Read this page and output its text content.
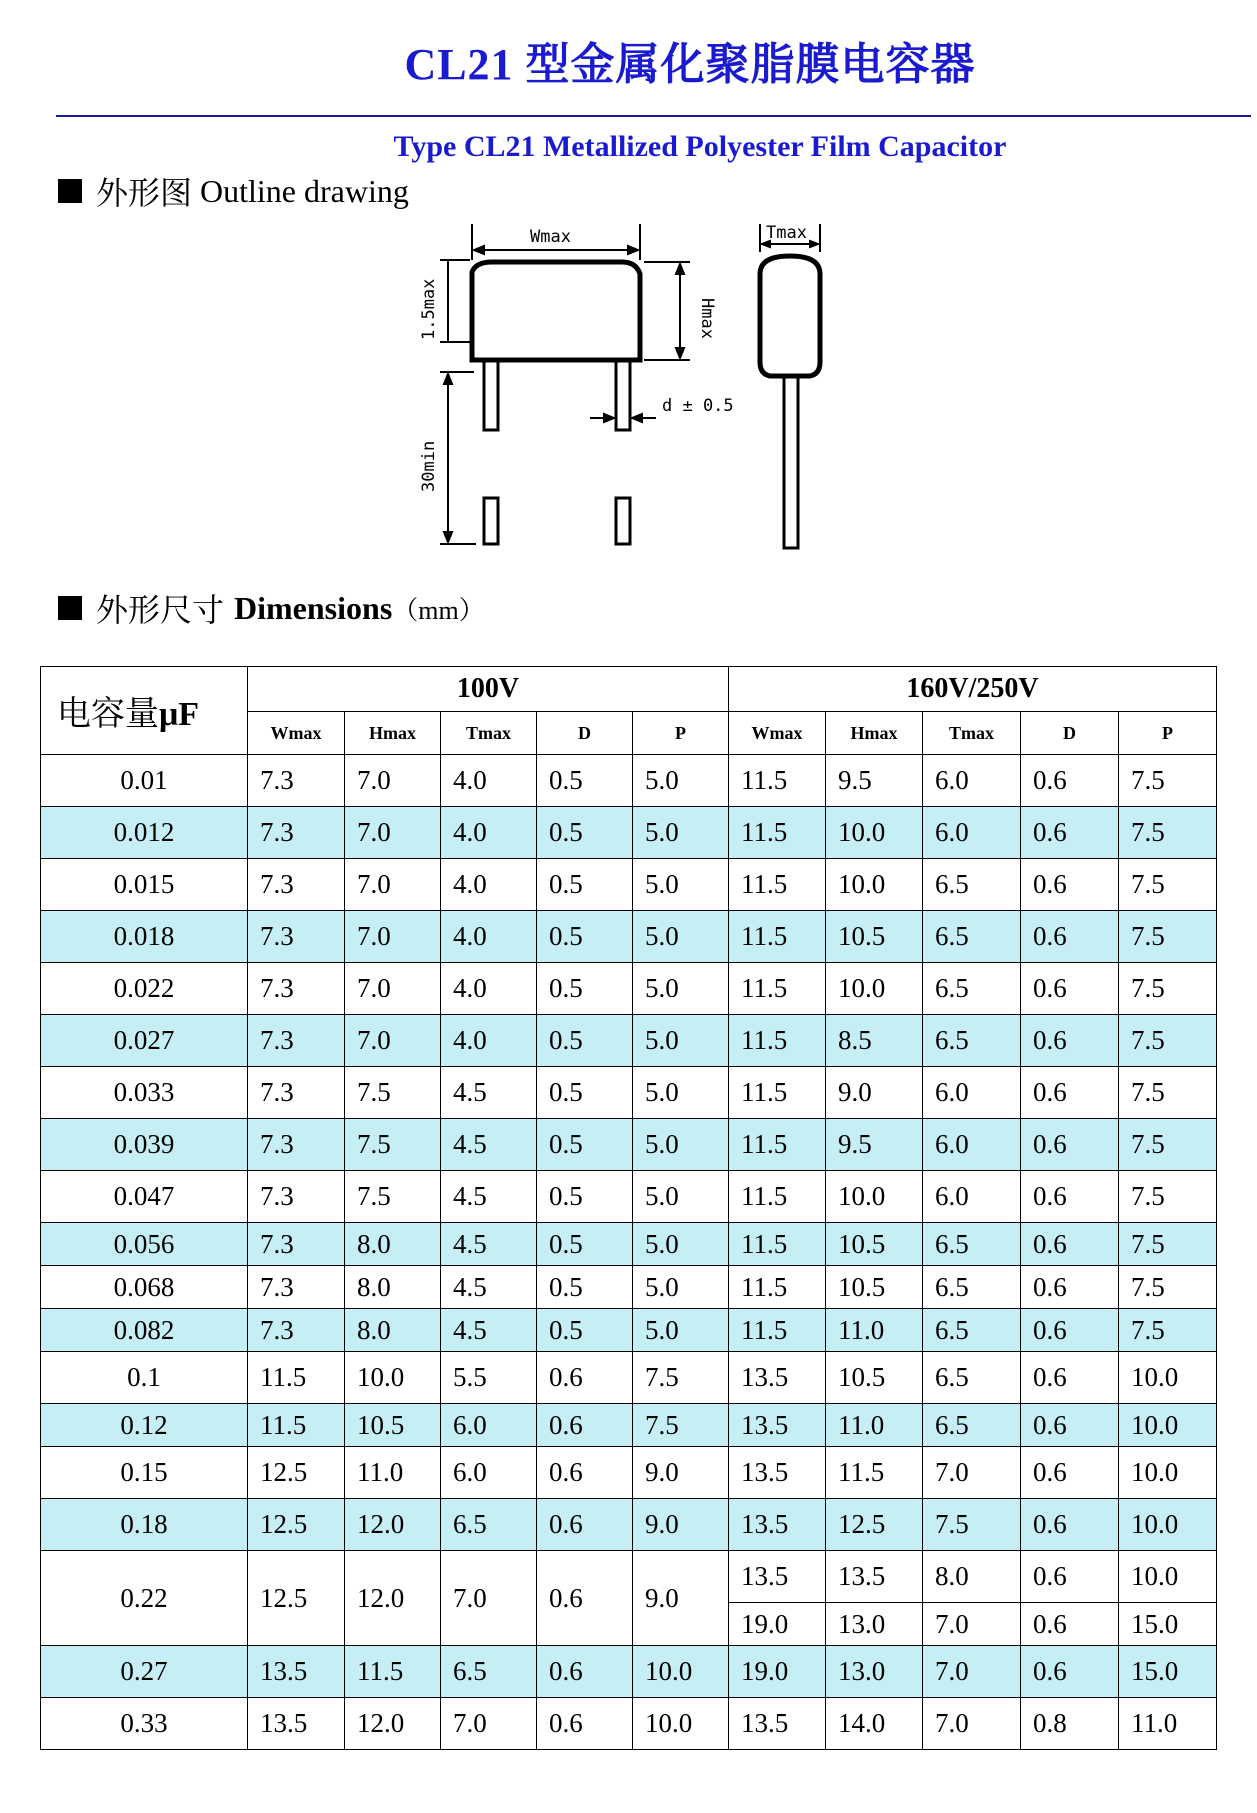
CL21 型金属化聚脂膜电容器
Type CL21 Metallized Polyester Film Capacitor
外形图 Outline drawing
Wmax
d ± 0.5
Hmax
1.5max
30min
Tmax
外形尺寸 Dimensions （mm）
电容量μF	100V					160V/250V				
	Wmax	Hmax	Tmax	D	P	Wmax	Hmax	Tmax	D	P
0.01	7.3	7.0	4.0	0.5	5.0	11.5	9.5	6.0	0.6	7.5
0.012	7.3	7.0	4.0	0.5	5.0	11.5	10.0	6.0	0.6	7.5
0.015	7.3	7.0	4.0	0.5	5.0	11.5	10.0	6.5	0.6	7.5
0.018	7.3	7.0	4.0	0.5	5.0	11.5	10.5	6.5	0.6	7.5
0.022	7.3	7.0	4.0	0.5	5.0	11.5	10.0	6.5	0.6	7.5
0.027	7.3	7.0	4.0	0.5	5.0	11.5	8.5	6.5	0.6	7.5
0.033	7.3	7.5	4.5	0.5	5.0	11.5	9.0	6.0	0.6	7.5
0.039	7.3	7.5	4.5	0.5	5.0	11.5	9.5	6.0	0.6	7.5
0.047	7.3	7.5	4.5	0.5	5.0	11.5	10.0	6.0	0.6	7.5
0.056	7.3	8.0	4.5	0.5	5.0	11.5	10.5	6.5	0.6	7.5
0.068	7.3	8.0	4.5	0.5	5.0	11.5	10.5	6.5	0.6	7.5
0.082	7.3	8.0	4.5	0.5	5.0	11.5	11.0	6.5	0.6	7.5
0.1	11.5	10.0	5.5	0.6	7.5	13.5	10.5	6.5	0.6	10.0
0.12	11.5	10.5	6.0	0.6	7.5	13.5	11.0	6.5	0.6	10.0
0.15	12.5	11.0	6.0	0.6	9.0	13.5	11.5	7.0	0.6	10.0
0.18	12.5	12.0	6.5	0.6	9.0	13.5	12.5	7.5	0.6	10.0
0.22	12.5	12.0	7.0	0.6	9.0	13.5	13.5	8.0	0.6	10.0
						19.0	13.0	7.0	0.6	15.0
0.27	13.5	11.5	6.5	0.6	10.0	19.0	13.0	7.0	0.6	15.0
0.33	13.5	12.0	7.0	0.6	10.0	13.5	14.0	7.0	0.8	11.0
